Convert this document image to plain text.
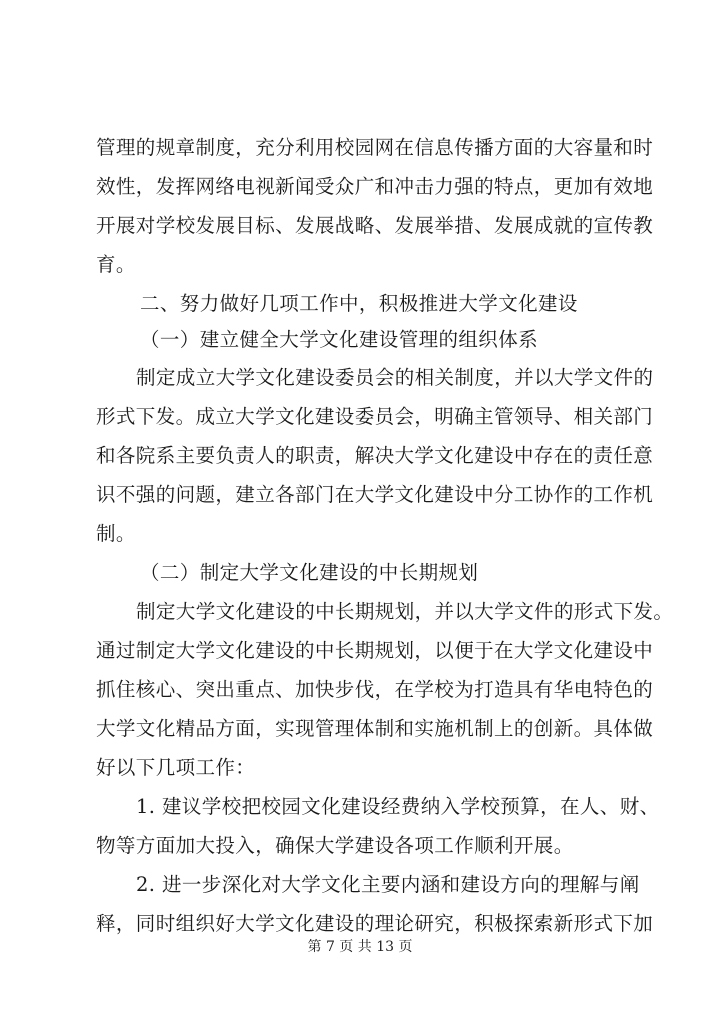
管理的规章制度，充分利用校园网在信息传播方面的大容量和时
效性，发挥网络电视新闻受众广和冲击力强的特点，更加有效地
开展对学校发展目标、发展战略、发展举措、发展成就的宣传教
育。
二、努力做好几项工作中，积极推进大学文化建设
（一）建立健全大学文化建设管理的组织体系
制定成立大学文化建设委员会的相关制度，并以大学文件的
形式下发。成立大学文化建设委员会，明确主管领导、相关部门
和各院系主要负责人的职责，解决大学文化建设中存在的责任意
识不强的问题，建立各部门在大学文化建设中分工协作的工作机
制。
（二）制定大学文化建设的中长期规划
制定大学文化建设的中长期规划，并以大学文件的形式下发。
通过制定大学文化建设的中长期规划，以便于在大学文化建设中
抓住核心、突出重点、加快步伐，在学校为打造具有华电特色的
大学文化精品方面，实现管理体制和实施机制上的创新。具体做
好以下几项工作：
1. 建议学校把校园文化建设经费纳入学校预算，在人、财、
物等方面加大投入，确保大学建设各项工作顺利开展。
2. 进一步深化对大学文化主要内涵和建设方向的理解与阐
释，同时组织好大学文化建设的理论研究，积极探索新形式下加
第 7 页 共 13 页
